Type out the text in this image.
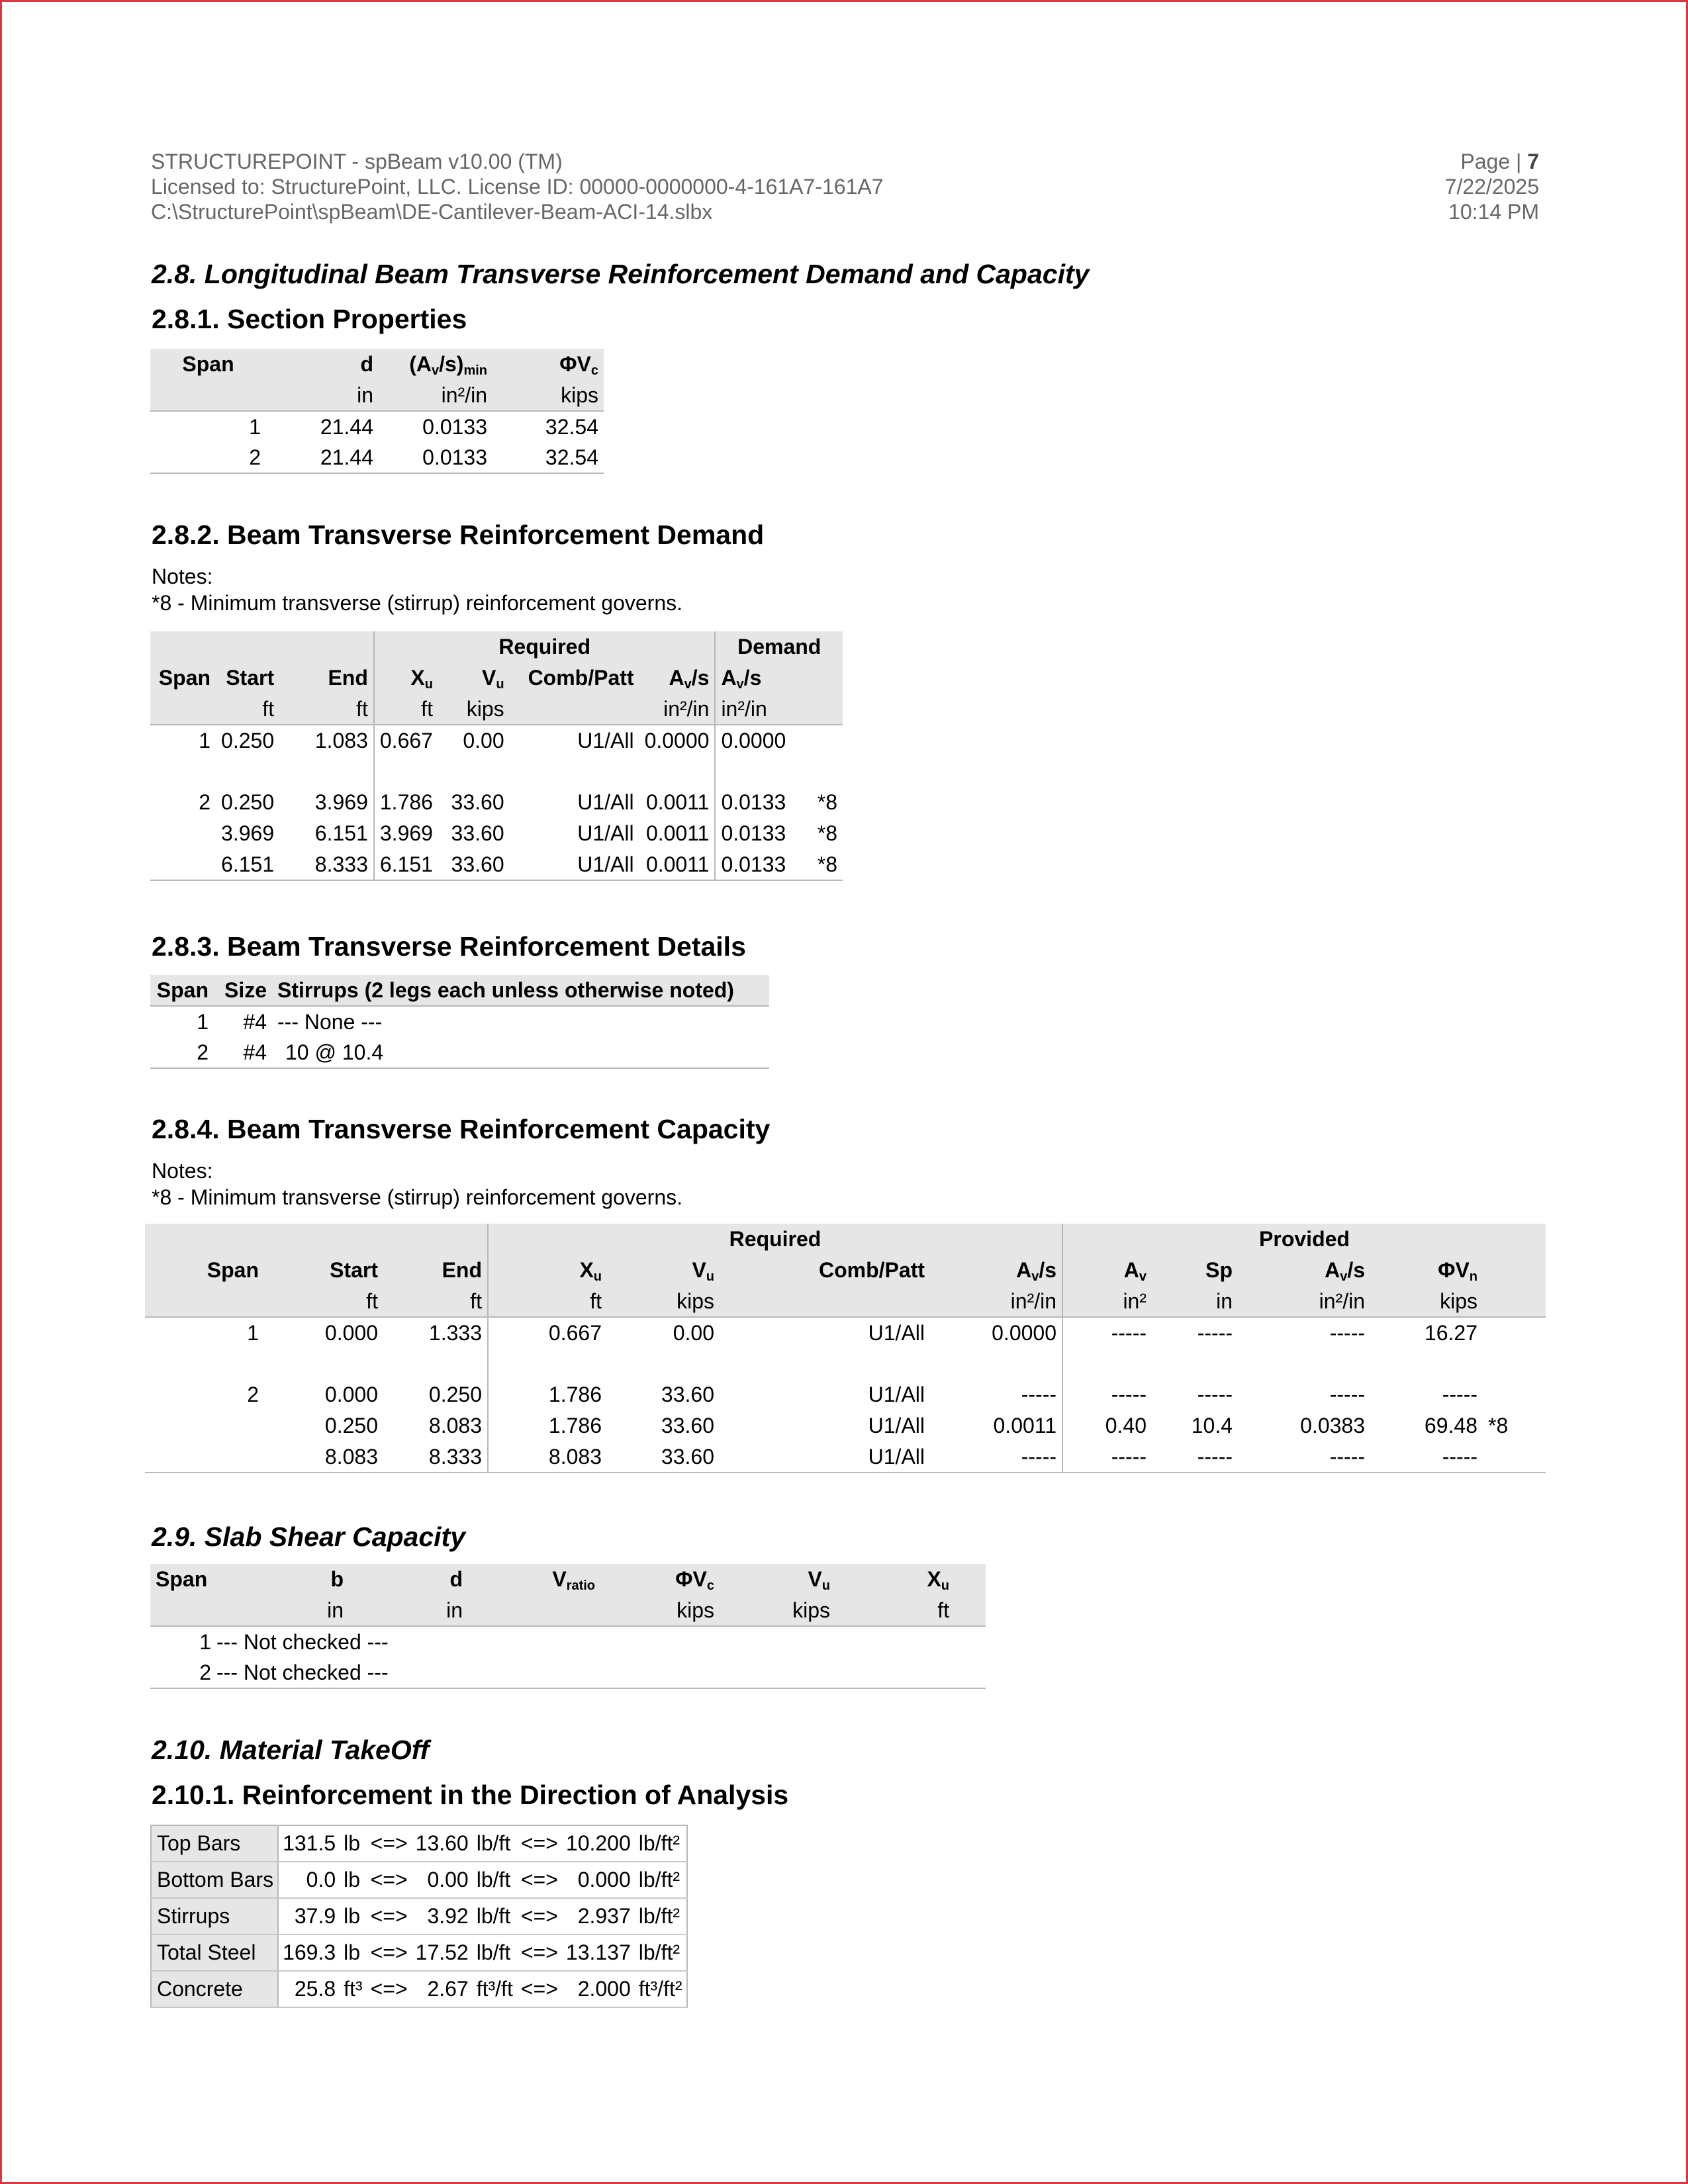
STRUCTUREPOINT - spBeam v10.00 (TM)
Licensed to: StructurePoint, LLC. License ID: 00000-0000000-4-161A7-161A7
C:\StructurePoint\spBeam\DE-Cantilever-Beam-ACI-14.slbx
Page | 7
7/22/2025
10:14 PM
2.8. Longitudinal Beam Transverse Reinforcement Demand and Capacity
2.8.1. Section Properties
Span	d	$(A_v/s)_{min}$	$\Phi V_c$
	in	in²/in	kips
1	21.44	0.0133	32.54
2	21.44	0.0133	32.54
2.8.2. Beam Transverse Reinforcement Demand
Notes:
*8 - Minimum transverse (stirrup) reinforcement governs.
			Required				Demand	
Span	Start	End	$X_u$	$V_u$	Comb/Patt	$A_v/s$	$A_v/s$	
	ft	ft	ft	kips		in²/in	in²/in	
1	0.250	1.083	0.667	0.00	U1/All	0.0000	0.0000	

2	0.250	3.969	1.786	33.60	U1/All	0.0011	0.0133	*8
	3.969	6.151	3.969	33.60	U1/All	0.0011	0.0133	*8
	6.151	8.333	6.151	33.60	U1/All	0.0011	0.0133	*8
2.8.3. Beam Transverse Reinforcement Details
Span	Size	Stirrups (2 legs each unless otherwise noted)
1	#4	--- None ---
2	#4	10 @ 10.4
2.8.4. Beam Transverse Reinforcement Capacity
Notes:
*8 - Minimum transverse (stirrup) reinforcement governs.
			Required				Provided				
Span	Start	End	$X_u$	$V_u$	Comb/Patt	$A_v/s$	$A_v$	Sp	$A_v/s$	$\Phi V_n$	
	ft	ft	ft	kips		in²/in	in²	in	in²/in	kips	
1	0.000	1.333	0.667	0.00	U1/All	0.0000	-----	-----	-----	16.27	

2	0.000	0.250	1.786	33.60	U1/All	-----	-----	-----	-----	-----	
	0.250	8.083	1.786	33.60	U1/All	0.0011	0.40	10.4	0.0383	69.48	*8
	8.083	8.333	8.083	33.60	U1/All	-----	-----	-----	-----	-----	
2.9. Slab Shear Capacity
Span	b	d	$V_{ratio}$	$\Phi V_c$	$V_u$	$X_u$	
	in	in		kips	kips	ft	
1	--- Not checked ---						
2	--- Not checked ---						
2.10. Material TakeOff
2.10.1. Reinforcement in the Direction of Analysis
Top Bars	131.5	lb	<=>	13.60	lb/ft	<=>	10.200	lb/ft²
Bottom Bars	0.0	lb	<=>	0.00	lb/ft	<=>	0.000	lb/ft²
Stirrups	37.9	lb	<=>	3.92	lb/ft	<=>	2.937	lb/ft²
Total Steel	169.3	lb	<=>	17.52	lb/ft	<=>	13.137	lb/ft²
Concrete	25.8	ft³	<=>	2.67	ft³/ft	<=>	2.000	ft³/ft²
